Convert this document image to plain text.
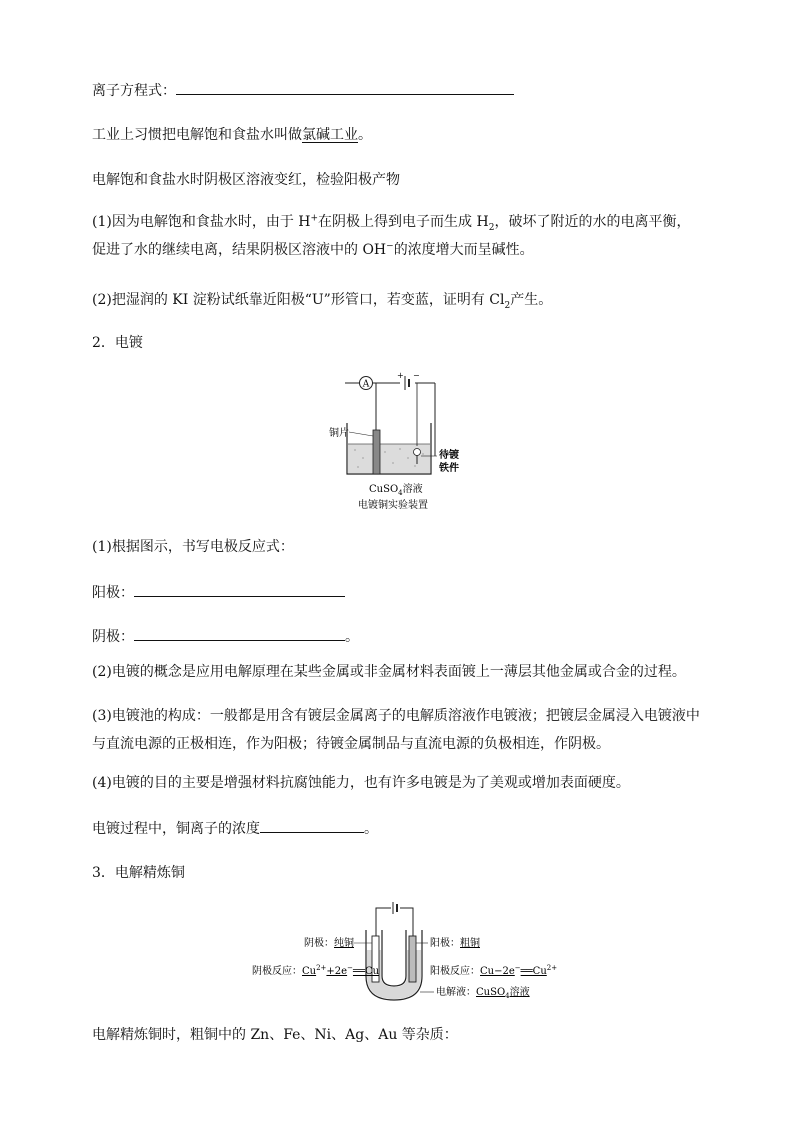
离子方程式：
工业上习惯把电解饱和食盐水叫做氯碱工业。
电解饱和食盐水时阴极区溶液变红，检验阳极产物
(1)因为电解饱和食盐水时，由于 H+在阴极上得到电子而生成 $H_2$，破坏了附近的水的电离平衡，促进了水的继续电离，结果阴极区溶液中的 OH−的浓度增大而呈碱性。
(2)把湿润的 KI 淀粉试纸靠近阳极“U”形管口，若变蓝，证明有 $Cl_2$产生。
2．电镀
A
+ −
铜片
待镀
铁件
CuSO$_4$溶液
电镀铜实验装置
(1)根据图示，书写电极反应式：
阳极：
阴极：	。
(2)电镀的概念是应用电解原理在某些金属或非金属材料表面镀上一薄层其他金属或合金的过程。
(3)电镀池的构成：一般都是用含有镀层金属离子的电解质溶液作电镀液；把镀层金属浸入电镀液中与直流电源的正极相连，作为阳极；待镀金属制品与直流电源的负极相连，作阴极。
(4)电镀的目的主要是增强材料抗腐蚀能力，也有许多电镀是为了美观或增加表面硬度。
电镀过程中，铜离子的浓度	。
3．电解精炼铜
阴极：纯铜
阴极反应：$Cu^{2+}+2e^-══Cu$
阳极：粗铜
阳极反应：$Cu-2e^-══Cu^{2+}$
电解液：CuSO$_4$溶液
电解精炼铜时，粗铜中的 Zn、Fe、Ni、Ag、Au 等杂质：
